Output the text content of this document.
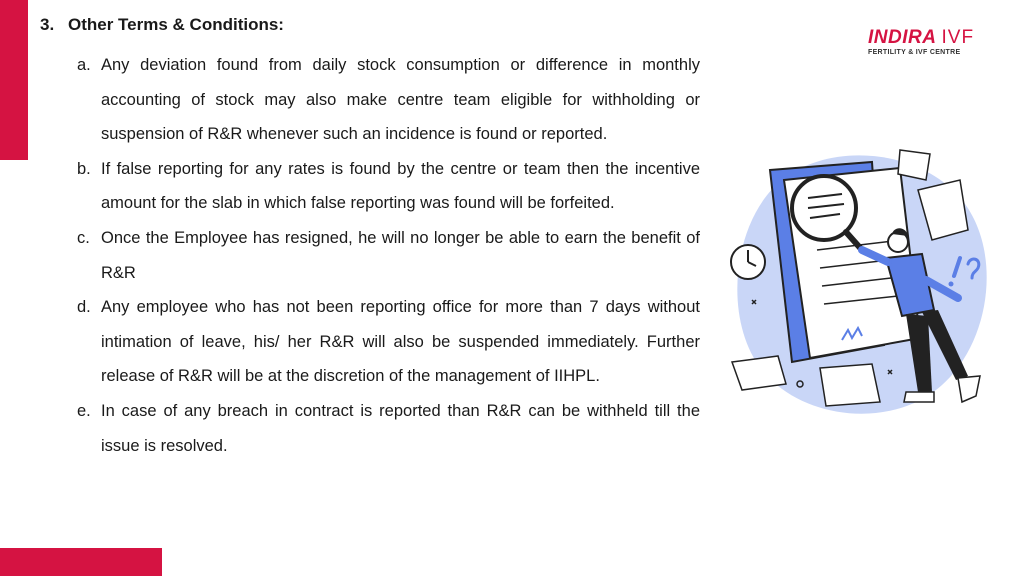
3. Other Terms & Conditions:
a. Any deviation found from daily stock consumption or difference in monthly accounting of stock may also make centre team eligible for withholding or suspension of R&R whenever such an incidence is found or reported.
b. If false reporting for any rates is found by the centre or team then the incentive amount for the slab in which false reporting was found will be forfeited.
c. Once the Employee has resigned, he will no longer be able to earn the benefit of R&R
d. Any employee who has not been reporting office for more than 7 days without intimation of leave, his/ her R&R will also be suspended immediately. Further release of R&R will be at the discretion of the management of IIHPL.
e. In case of any breach in contract is reported than R&R can be withheld till the issue is resolved.
INDIRA IVF
FERTILITY & IVF CENTRE
